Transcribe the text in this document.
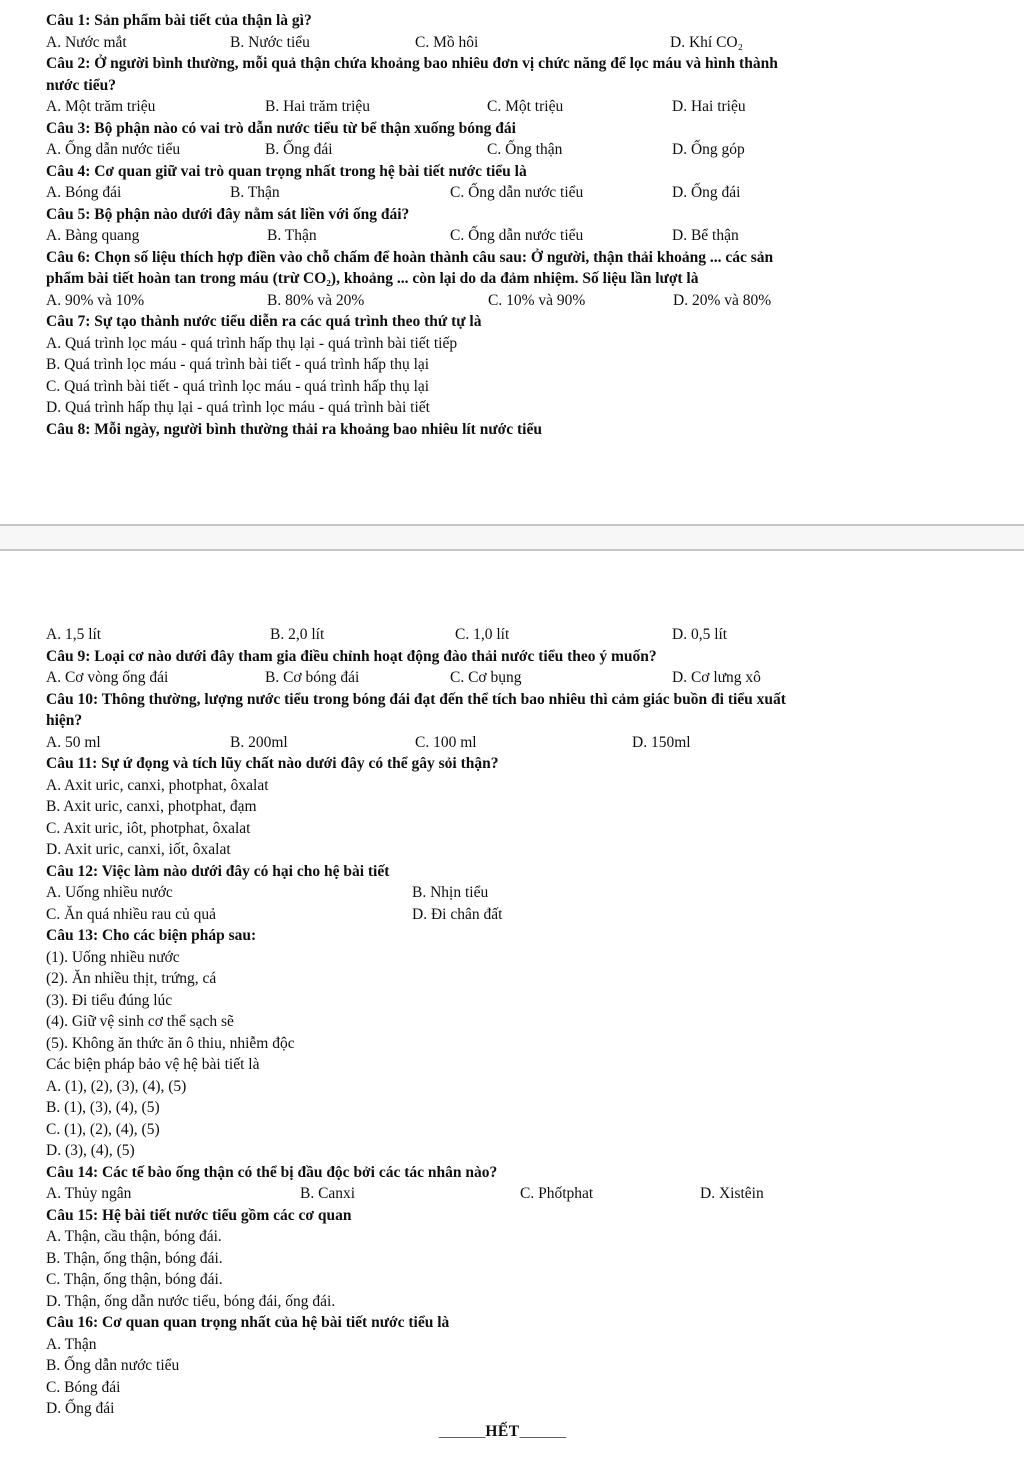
Câu 1: Sản phẩm bài tiết của thận là gì?
A. Nước mắt	B. Nước tiểu	C. Mồ hôi	D. Khí CO₂
Câu 2: Ở người bình thường, mỗi quả thận chứa khoảng bao nhiêu đơn vị chức năng để lọc máu và hình thành
nước tiểu?
A. Một trăm triệu	B. Hai trăm triệu	C. Một triệu	D. Hai triệu
Câu 3: Bộ phận nào có vai trò dẫn nước tiểu từ bể thận xuống bóng đái
A. Ống dẫn nước tiểu	B. Ống đái	C. Ống thận	D. Ống góp
Câu 4: Cơ quan giữ vai trò quan trọng nhất trong hệ bài tiết nước tiểu là
A. Bóng đái	B. Thận	C. Ống dẫn nước tiểu	D. Ống đái
Câu 5: Bộ phận nào dưới đây nằm sát liền với ống đái?
A. Bàng quang	B. Thận	C. Ống dẫn nước tiểu	D. Bể thận
Câu 6: Chọn số liệu thích hợp điền vào chỗ chấm để hoàn thành câu sau: Ở người, thận thải khoảng ... các sản
phẩm bài tiết hoàn tan trong máu (trừ CO₂), khoảng ... còn lại do da đảm nhiệm. Số liệu lần lượt là
A. 90% và 10%	B. 80% và 20%	C. 10% và 90%	D. 20% và 80%
Câu 7: Sự tạo thành nước tiểu diễn ra các quá trình theo thứ tự là
A. Quá trình lọc máu - quá trình hấp thụ lại - quá trình bài tiết tiếp
B. Quá trình lọc máu - quá trình bài tiết - quá trình hấp thụ lại
C. Quá trình bài tiết - quá trình lọc máu - quá trình hấp thụ lại
D. Quá trình hấp thụ lại - quá trình lọc máu - quá trình bài tiết
Câu 8: Mỗi ngày, người bình thường thải ra khoảng bao nhiêu lít nước tiểu
A. 1,5 lít	B. 2,0 lít	C. 1,0 lít	D. 0,5 lít
Câu 9: Loại cơ nào dưới đây tham gia điều chỉnh hoạt động đào thải nước tiểu theo ý muốn?
A. Cơ vòng ống đái	B. Cơ bóng đái	C. Cơ bụng	D. Cơ lưng xô
Câu 10: Thông thường, lượng nước tiểu trong bóng đái đạt đến thể tích bao nhiêu thì cảm giác buồn đi tiểu xuất
hiện?
A. 50 ml	B. 200ml	C. 100 ml	D. 150ml
Câu 11: Sự ứ đọng và tích lũy chất nào dưới đây có thể gây sỏi thận?
A. Axit uric, canxi, photphat, ôxalat
B. Axit uric, canxi, photphat, đạm
C. Axit uric, iôt, photphat, ôxalat
D. Axit uric, canxi, iốt, ôxalat
Câu 12: Việc làm nào dưới đây có hại cho hệ bài tiết
A. Uống nhiều nước	B. Nhịn tiểu
C. Ăn quá nhiều rau củ quả	D. Đi chân đất
Câu 13: Cho các biện pháp sau:
(1). Uống nhiều nước
(2). Ăn nhiều thịt, trứng, cá
(3). Đi tiểu đúng lúc
(4). Giữ vệ sinh cơ thể sạch sẽ
(5). Không ăn thức ăn ô thiu, nhiễm độc
Các biện pháp bảo vệ hệ bài tiết là
A. (1), (2), (3), (4), (5)
B. (1), (3), (4), (5)
C. (1), (2), (4), (5)
D. (3), (4), (5)
Câu 14: Các tế bào ống thận có thể bị đầu độc bởi các tác nhân nào?
A. Thủy ngân	B. Canxi	C. Phốtphat	D. Xistêin
Câu 15: Hệ bài tiết nước tiểu gồm các cơ quan
A. Thận, cầu thận, bóng đái.
B. Thận, ống thận, bóng đái.
C. Thận, ống thận, bóng đái.
D. Thận, ống dẫn nước tiểu, bóng đái, ống đái.
Câu 16: Cơ quan quan trọng nhất của hệ bài tiết nước tiểu là
A. Thận
B. Ống dẫn nước tiểu
C. Bóng đái
D. Ống đái
______HẾT______
